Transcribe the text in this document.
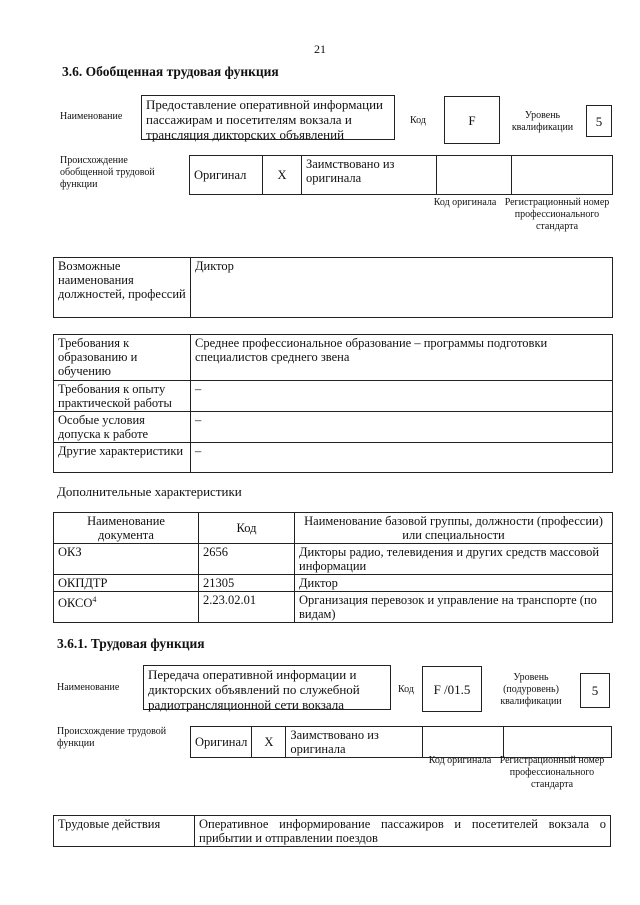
21
3.6. Обобщенная трудовая функция
Наименование
Предоставление оперативной информации пассажирам и посетителям вокзала и трансляция дикторских объявлений
Код	F	Уровень квалификации	5
Происхождение обобщенной трудовой функции
Оригинал	X	Заимствовано из оригинала		
Код оригинала Регистрационный номер профессионального стандарта
Возможные наименования должностей, профессий	Диктор
Требования к образованию и обучению	Среднее профессиональное образование – программы подготовки специалистов среднего звена
Требования к опыту практической работы	–
Особые условия допуска к работе	–
Другие характеристики	–
Дополнительные характеристики
Наименование документа	Код	Наименование базовой группы, должности (профессии) или специальности
ОКЗ	2656	Дикторы радио, телевидения и других средств массовой информации
ОКПДТР	21305	Диктор
ОКСО$^4$	2.23.02.01	Организация перевозок и управление на транспорте (по видам)
3.6.1. Трудовая функция
Наименование
Передача оперативной информации и дикторских объявлений по служебной радиотрансляционной сети вокзала
Код F /01.5
Уровень (подуровень) квалификации
5
Происхождение трудовой функции	Оригинал	X	Заимствовано из оригинала		
Код оригинала Регистрационный номер профессионального стандарта
Трудовые действия	Оперативное информирование пассажиров и посетителей вокзала о прибытии и отправлении поездов
